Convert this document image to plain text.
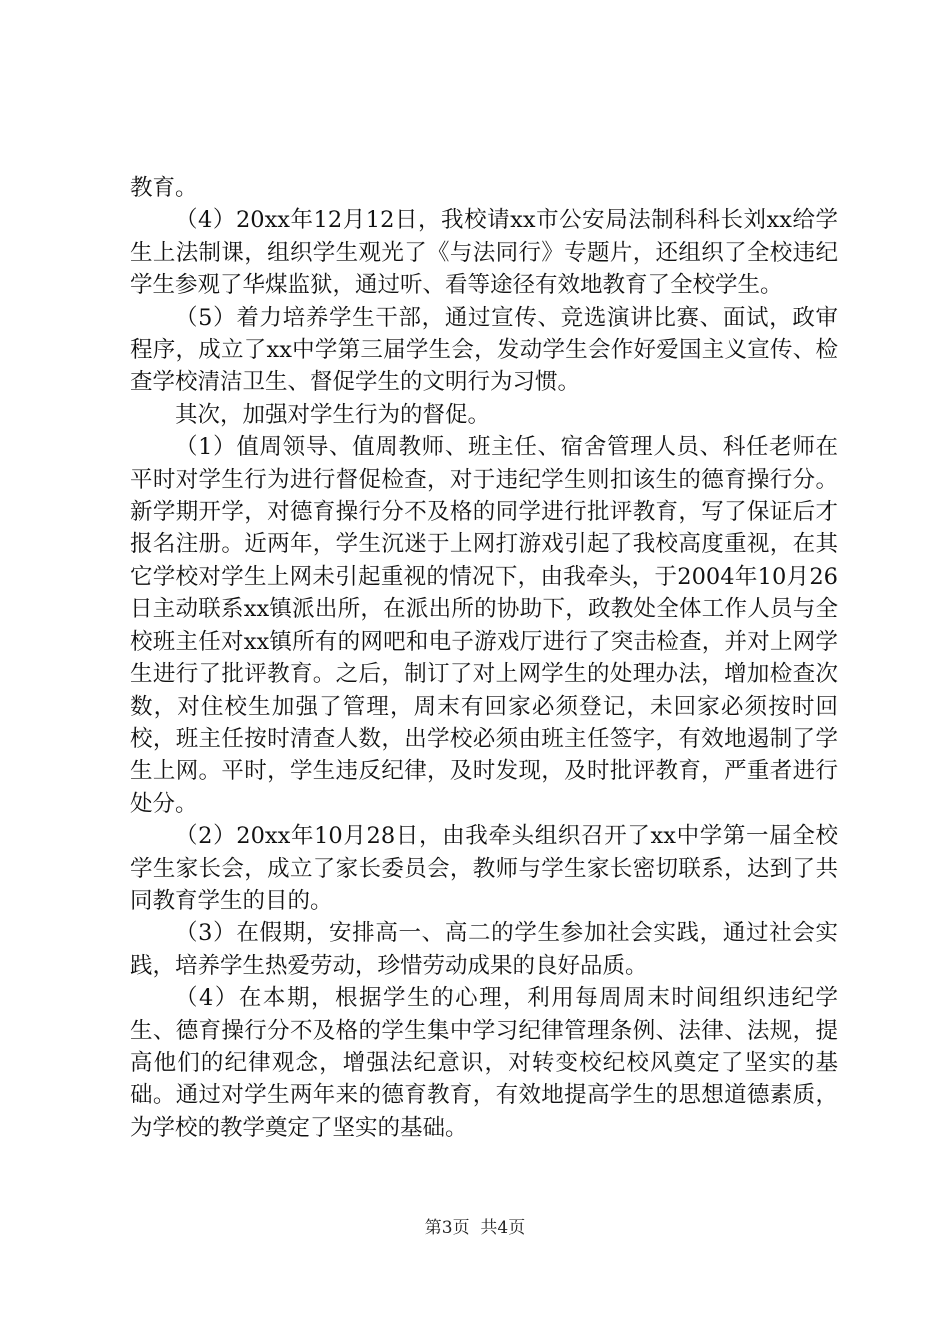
教育。

（4）20xx年12月12日，我校请xx市公安局法制科科长刘xx给学生上法制课，组织学生观光了《与法同行》专题片，还组织了全校违纪学生参观了华煤监狱，通过听、看等途径有效地教育了全校学生。

（5）着力培养学生干部，通过宣传、竞选演讲比赛、面试，政审程序，成立了xx中学第三届学生会，发动学生会作好爱国主义宣传、检查学校清洁卫生、督促学生的文明行为习惯。

其次，加强对学生行为的督促。

（1）值周领导、值周教师、班主任、宿舍管理人员、科任老师在平时对学生行为进行督促检查，对于违纪学生则扣该生的德育操行分。新学期开学，对德育操行分不及格的同学进行批评教育，写了保证后才报名注册。近两年，学生沉迷于上网打游戏引起了我校高度重视，在其它学校对学生上网未引起重视的情况下，由我牵头，于2004年10月26日主动联系xx镇派出所，在派出所的协助下，政教处全体工作人员与全校班主任对xx镇所有的网吧和电子游戏厅进行了突击检查，并对上网学生进行了批评教育。之后，制订了对上网学生的处理办法，增加检查次数，对住校生加强了管理，周末有回家必须登记，未回家必须按时回校，班主任按时清查人数，出学校必须由班主任签字，有效地遏制了学生上网。平时，学生违反纪律，及时发现，及时批评教育，严重者进行处分。

（2）20xx年10月28日，由我牵头组织召开了xx中学第一届全校学生家长会，成立了家长委员会，教师与学生家长密切联系，达到了共同教育学生的目的。

（3）在假期，安排高一、高二的学生参加社会实践，通过社会实践，培养学生热爱劳动，珍惜劳动成果的良好品质。

（4）在本期，根据学生的心理，利用每周周末时间组织违纪学生、德育操行分不及格的学生集中学习纪律管理条例、法律、法规，提高他们的纪律观念，增强法纪意识，对转变校纪校风奠定了坚实的基础。通过对学生两年来的德育教育，有效地提高学生的思想道德素质，为学校的教学奠定了坚实的基础。

第3页  共4页
